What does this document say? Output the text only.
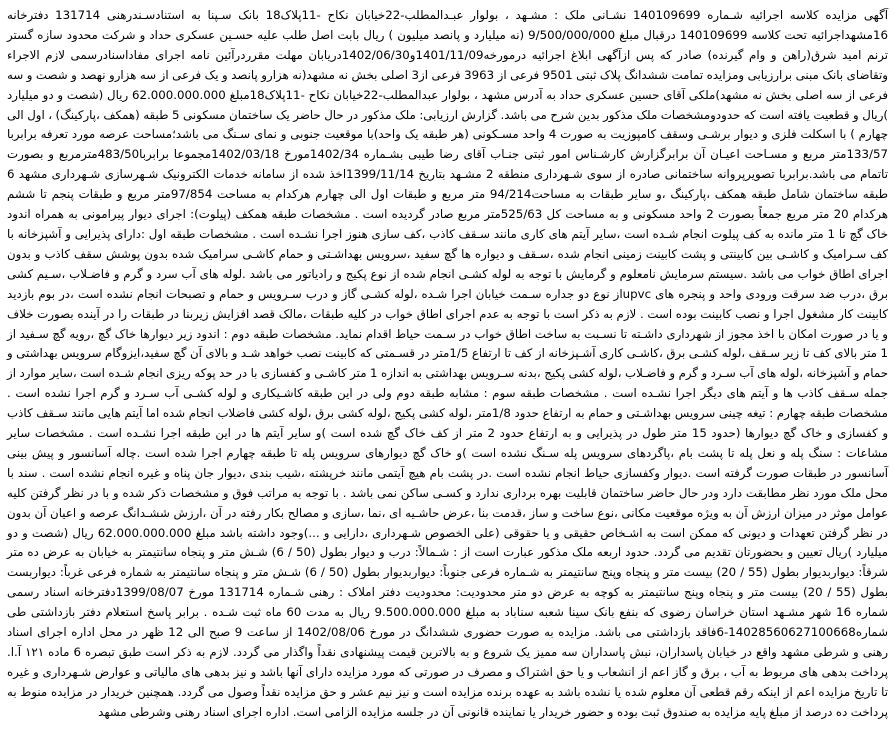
آگهی مزایده کلاسه اجرائیه شـماره 140109699 نشـانی ملک : مشـهد ، بولوار عبـدالمطلب-22خیابان نکاح -11پلاک18 بانک سـپنا به استنادسـندرهنی 131714 دفترخانه 16مشهداجرائیه تحت کلاسه 140109699 درقبال مبلغ 9/500/000/000 (نه میلیارد و پانصد میلیون ) ریال بابت اصل طلب علیه حسـین عسکری حداد و شرکت محدود سازه گستر ترنم امید شرق(راهن و وام گیرنده) صادر که پس ازآگهی ابلاغ اجرائیه درمورخه1401/11/09و1402/06/30دریابان مهلت مقرردرآئین نامه اجرای مفاداسنادرسمی لازم الاجراء وتقاضای بانک مبنی برارزیابی ومزایده تمامت ششدانگ پلاک ثبتی 9501 فرعی از 3963 فرعی از3 اصلی بخش نه مشهد(نه هزارو پانصد و یک فرعی از سه هزارو نهصد و شصت و سه فرعی از سه اصلی بخش نه مشهد)ملکی آقای حسین عسکری حداد به آدرس مشهد ، بولوار عبدالمطلب-22خیابان نکاح -11پلاک18مبلغ 62.000.000.000 ریال (شصت و دو میلیارد )ریال و قطعیت یافته است که حدودومشخصات ملک مذکور بدین شرح می باشد. گزارش ارزیابی: ملک مذکور در حال حاضر یک ساختمان مسکونی 5 طبقه (همکف ،پارکینگ) ، اول الی چهارم ) با اسکلت فلزی و دیوار برشـی وسقف کامپوزیت به صورت 4 واحد مسـکونی (هر طبقه یک واحد)با موقعیت جنوبی و نمای سـنگ می باشد؛مساحت عرصه مورد تعرفه برابربا 133/57متر مربع و مسـاحت اعیـان آن برابرگزارش کارشـناس امور ثبتی جنـاب آقای رضا طیبی بشـماره 1402/34مورخ 1402/03/18مجموعا برابربا483/50مترمربع و بصورت تاتمام می باشد.برابربا تصویرپروانه ساختمانی صادره از سوی شـهرداری منطقه 2 مشـهد بتاریخ 1399/11/14اخذ شده از سامانه خدمات الکترونیک شـهرسازی شـهرداری مشهد 6 طبقه ساختمان شامل طبقه همکف ،پارکینگ ،و سایر طبقات به مساحت94/214 متر مربع و طبقات اول الی چهارم هرکدام به مساحت 97/854متر مربع و طبقات پنجم تا ششم هرکدام 20 متر مربع جمعاً بصورت 2 واحد مسکونی و به مساحت کل 525/63متر مربع صادر گردیده است . مشخصات طبقه همکف (پیلوت): اجرای دیوار پیرامونی به همراه اندود خاک گچ تا 1 متر مانده به کف پیلوت انجام شـده است ،سایر آیتم های کاری مانند سـقف کاذب ،کف سازی هنوز اجرا نشـده است . مشخصات طبقه اول :دارای پذیرایی و آشپزخانه با کف سـرامیک و کاشـی بین کابینتی و پشت کابینت زمینی انجام شده ،سـقف و دیواره ها گچ سفید ،سرویس بهداشـتی و حمام کاشـی سرامیک شده بدون پوشش سقف کاذب و بدون اجرای اطاق خواب می باشد .سیستم سرمایش نامعلوم و گرمایش با توجه به لوله کشـی انجام شده از نوع پکیج و رادیاتور می باشد .لوله های آب سرد و گرم و فاضـلاب ،سـیم کشی برق ،درب ضد سرقت ورودی واحد و پنجره های upvcاز نوع دو جداره سـمت خیابان اجرا شـده ،لوله کشـی گاز و درب سـرویس و حمام و تصبحات انجام نشده است ،در بوم بازدید کابینت کار مشغول اجرا و نصب کابینت بوده است . لازم به ذکر است با توجه به عدم اجرای اطاق خواب در کلیه طبقات ،مالک قصد افزایش زیربنا در طبقات را در آینده بصورت خلاف و یا در صورت امکان با اخذ مجوز از شهرداری داشـته تا نسـبت به ساخت اطاق خواب در سـمت حیاط اقدام نماید. مشخصات طبقه دوم : اندود زیر دیوارها خاک گچ ،رویه گچ سـفید از 1 متر بالای کف تا زیر سـقف ،لوله کشـی برق ،کاشـی کاری آشـپزخانه از کف تا ارتفاع 1/5متر در قسـمتی که کابینت نصب خواهد شـد و بالای آن گچ سفید،ایزوگام سرویس بهداشتی و حمام و آشپزخانه ،لوله های آب سـرد و گرم و فاضـلاب ،لوله کشی پکیج ،بدنه سـرویس بهداشتی به اندازه 1 متر کاشـی و کفسازی با در حد پوکه ریزی انجام شـده است ،سایر موارد از جمله سـقف کاذب ها و آیتم های دیگر اجرا نشـده است . مشخصات طبقه سوم : مشابه طبقه دوم ولی در این طبقه کاشـیکاری و لوله کشـی آب سـرد و گرم اجرا نشده است . مشخصات طبقه چهارم : تیغه چینی سرویس بهداشـتی و حمام به ارتفاع حدود 1/8متر ،لوله کشی پکیج ،لوله کشی برق ،لوله کشی فاضلاب انجام شده اما آیتم هایی مانند سـقف کاذب و کفسازی و خاک گچ دیوارها (حدود 15 متر طول در پذیرایی و به ارتفاع حدود 2 متر از کف خاک گچ شده است )و سایر آیتم ها در این طبقه اجرا نشـده است . مشخصات سایر مشاعات : سنگ پله و نعل پله تا پشت بام ،پاگردهای سرویس پله سـنگ نشده است )و خاک گچ دیوارهای سرویس پله تا طبقه چهارم اجرا شده است .چاله آسانسور و پیش بینی آسانسور در طبقات صورت گرفته است .دیوار وکفسازی حیاط انجام نشده است .در پشت بام هیچ آیتمی مانند خرپشته ،شیب بندی ،دیوار جان پناه و غیره انجام نشده است . سند با محل ملک مورد نظر مطابقت دارد ودر حال حاضر ساختمان قابلیت بهره برداری ندارد و کسـی ساکن نمی باشد . با توجه به مراتب فوق و مشخصات ذکر شده و با در نظر گرفتن کلیه عوامل موثر در میزان ارزش آن به ویژه موقعیت مکانی ،نوع ساخت و ساز ،قدمت بنا ،عرض حاشـیه ای ،نما ،سازی و مصالح بکار رفته در آن ،ارزش ششـدانگ عرصه و اعیان آن بدون در نظر گرفتن تعهدات و دیونی که ممکن است به اشـخاص حقیقی و یا حقوقی (علی الخصوص شـهرداری ،دارایی و ...)وجود داشته باشد مبلغ 62.000.000.000 ریال (شصت و دو میلیارد )ریال تعیین و بحضورتان تقدیم می گردد. حدود اربعه ملک مذکور عبارت است از : شـمالاً: درب و دیوار بطول (50 / 6) شـش متر و پنجاه سانتیمتر به خیابان به عرض ده متر شرقاً: دیواربدیوار بطول (55 / 20) بیست متر و پنجاه وپنج سانتیمتر به شـماره فرعی جنوباً: دیواربدیوار بطول (50 / 6) شـش متر و پنجاه سانتیمتر به شماره فرعی غرباً: دیواربست بطول (55 / 20) بیست متر و پنجاه وپنج سانتیمتر به کوچه به عرض دو متر محدودیت: محدودیت دفتر املاک : رهنی شـماره 131714 مورخ 1399/08/07دفترخانه اسناد رسمی شماره 16 شهر مشـهد استان خراسان رضوی که بنفع بانک سینا شعبه سناباد به مبلغ 9.500.000.000 ریال به مدت 60 ماه ثبت شـده . برابر پاسخ استعلام دفتر بازداشتی طی شماره14028560627100668-6فاقد بازداشتی می باشد. مزایده به صورت حضوری ششدانگ در مورخ 1402/08/06 از ساعت 9 صبح الی 12 ظهر در محل اداره اجرای اسناد رهنی و شرطی مشهد واقع در خیابان پاسداران، نبش پاسداران سه ممیز یک شروع و به بالاترین قیمت پیشنهادی نقداً واگذار می گردد. لازم به ذکر است طبق تبصره 6 ماده ۱۲۱ آ.ا. پرداخت بدهی های مربوط به آب ، برق و گاز اعم از انشعاب و یا حق اشتراک و مصرف در صورتی که مورد مزایده دارای آنها باشد و نیز بدهی های مالیاتی و عوارض شـهرداری و غیره تا تاریخ مزایده اعم از اینکه رقم قطعی آن معلوم شده یا نشده باشد به عهده برنده مزایده است و نیز نیم عشر و حق مزایده نقداً وصول می گردد. همچنین خریدار در مزایده منوط به پرداخت ده درصد از مبلغ پایه مزایده به صندوق ثبت بوده و حضور خریدار یا نماینده قانونی آن در جلسه مزایده الزامی است. اداره اجرای اسناد رهنی وشرطی مشهد
